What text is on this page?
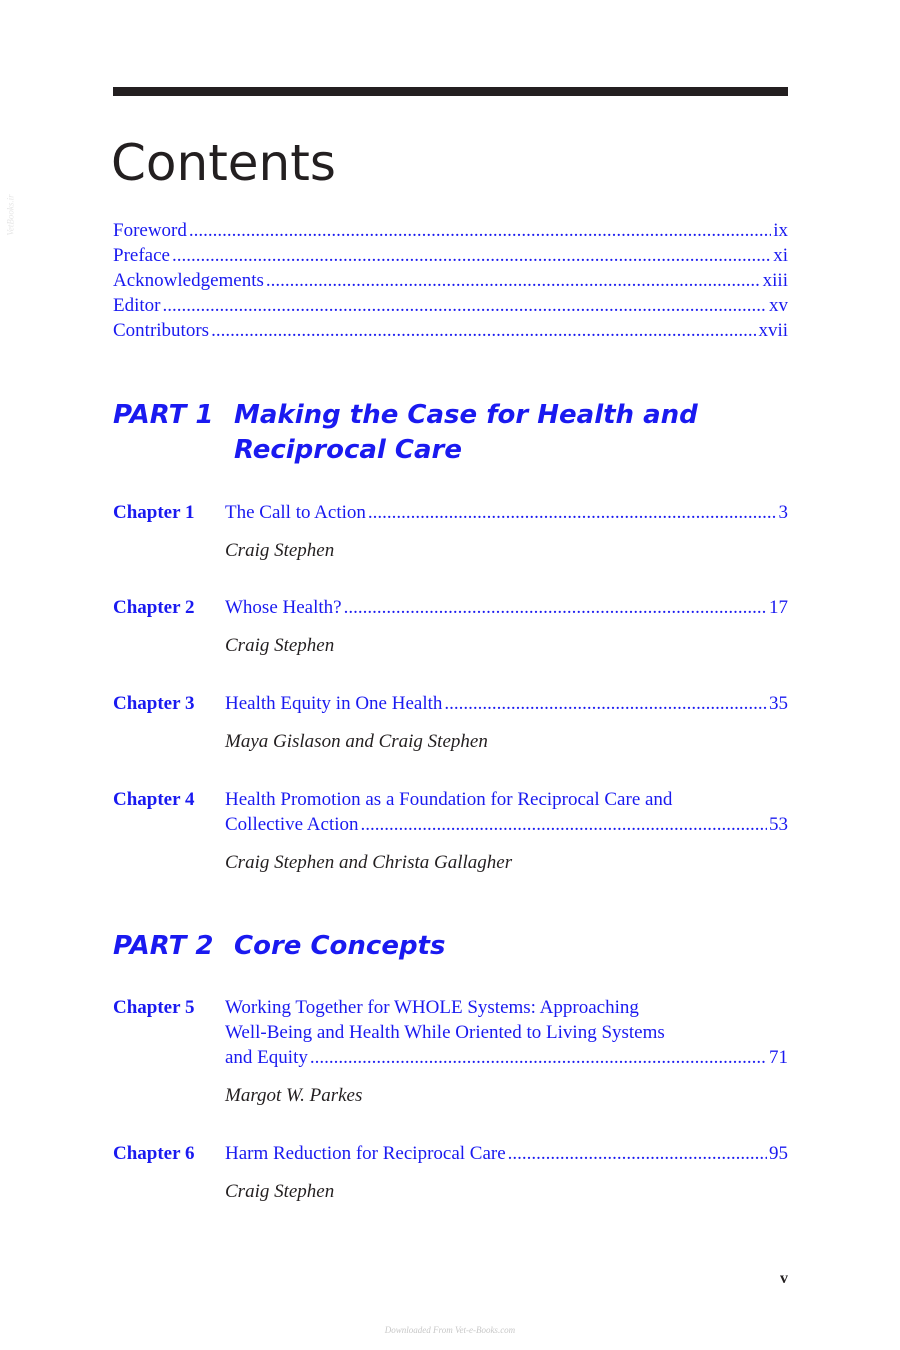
Contents
Foreword .....	ix
Preface .....	xi
Acknowledgements .....	xiii
Editor .....	xv
Contributors .....	xvii
PART 1 Making the Case for Health and
Reciprocal Care
Chapter 1 The Call to Action .....	3
Craig Stephen
Chapter 2 Whose Health? .....	17
Craig Stephen
Chapter 3 Health Equity in One Health .....	35
Maya Gislason and Craig Stephen
Chapter 4 Health Promotion as a Foundation for Reciprocal Care and
Collective Action .....	53
Craig Stephen and Christa Gallagher
PART 2 Core Concepts
Chapter 5 Working Together for WHOLE Systems: Approaching
Well-Being and Health While Oriented to Living Systems
and Equity .....	71
Margot W. Parkes
Chapter 6 Harm Reduction for Reciprocal Care .....	95
Craig Stephen
v
VetBooks.ir
Downloaded From Vet-e-Books.com
